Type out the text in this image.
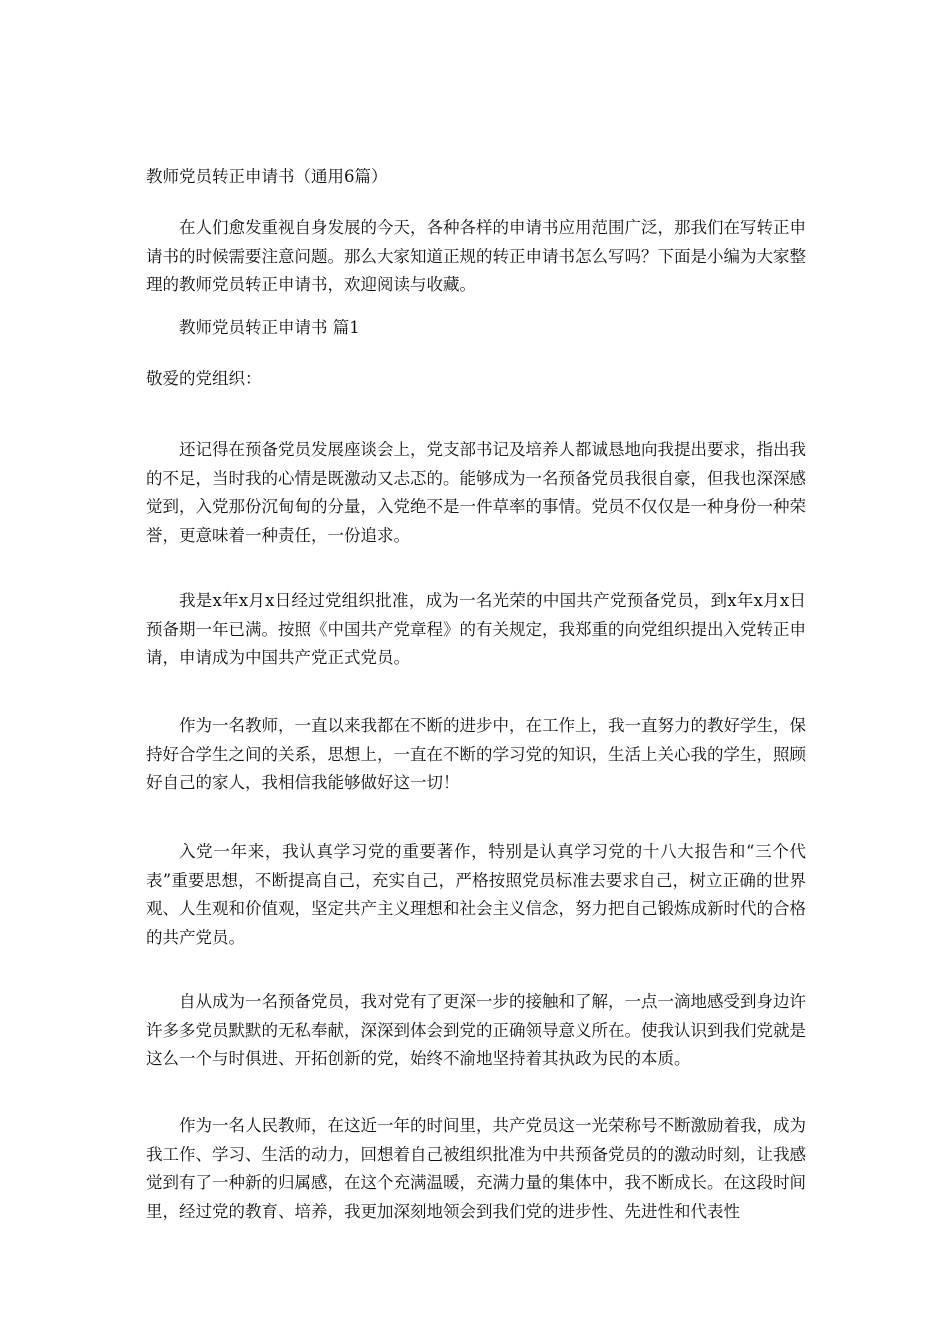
教师党员转正申请书（通用6篇）

在人们愈发重视自身发展的今天，各种各样的申请书应用范围广泛，那我们在写转正申请书的时候需要注意问题。那么大家知道正规的转正申请书怎么写吗？下面是小编为大家整理的教师党员转正申请书，欢迎阅读与收藏。

教师党员转正申请书 篇1

敬爱的党组织：

还记得在预备党员发展座谈会上，党支部书记及培养人都诚恳地向我提出要求，指出我的不足，当时我的心情是既激动又忐忑的。能够成为一名预备党员我很自豪，但我也深深感觉到，入党那份沉甸甸的分量，入党绝不是一件草率的事情。党员不仅仅是一种身份一种荣誉，更意味着一种责任，一份追求。

我是x年x月x日经过党组织批准，成为一名光荣的中国共产党预备党员，到x年x月x日预备期一年已满。按照《中国共产党章程》的有关规定，我郑重的向党组织提出入党转正申请，申请成为中国共产党正式党员。

作为一名教师，一直以来我都在不断的进步中，在工作上，我一直努力的教好学生，保持好合学生之间的关系，思想上，一直在不断的学习党的知识，生活上关心我的学生，照顾好自己的家人，我相信我能够做好这一切！

入党一年来，我认真学习党的重要著作，特别是认真学习党的十八大报告和“三个代表”重要思想，不断提高自己，充实自己，严格按照党员标准去要求自己，树立正确的世界观、人生观和价值观，坚定共产主义理想和社会主义信念，努力把自己锻炼成新时代的合格的共产党员。

自从成为一名预备党员，我对党有了更深一步的接触和了解，一点一滴地感受到身边许许多多党员默默的无私奉献，深深到体会到党的正确领导意义所在。使我认识到我们党就是这么一个与时俱进、开拓创新的党，始终不渝地坚持着其执政为民的本质。

作为一名人民教师，在这近一年的时间里，共产党员这一光荣称号不断激励着我，成为我工作、学习、生活的动力，回想着自己被组织批准为中共预备党员的的激动时刻，让我感觉到有了一种新的归属感，在这个充满温暖，充满力量的集体中，我不断成长。在这段时间里，经过党的教育、培养，我更加深刻地领会到我们党的进步性、先进性和代表性
